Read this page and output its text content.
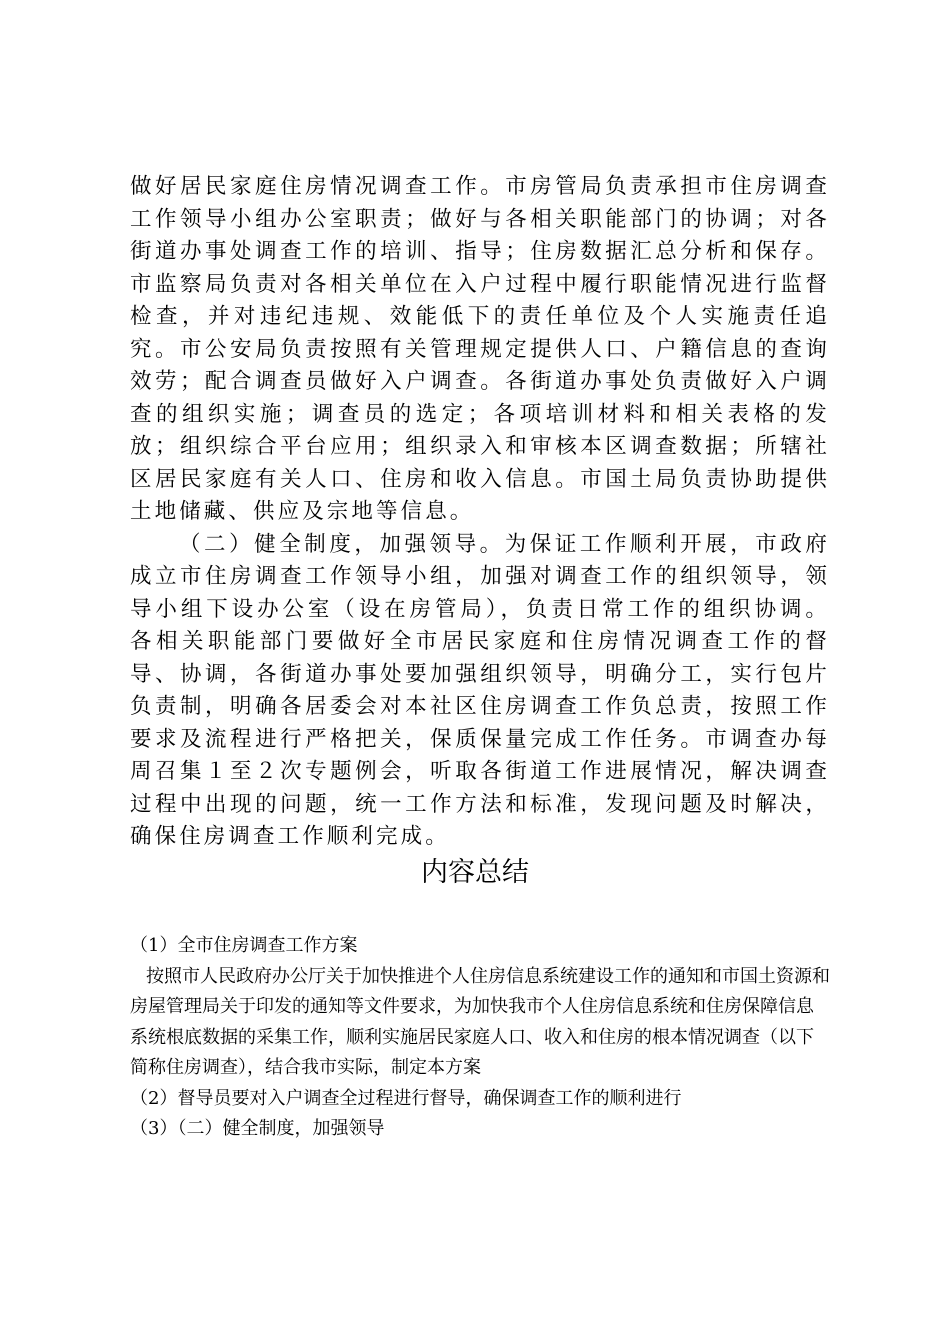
做好居民家庭住房情况调查工作。市房管局负责承担市住房调查工作领导小组办公室职责；做好与各相关职能部门的协调；对各街道办事处调查工作的培训、指导；住房数据汇总分析和保存。市监察局负责对各相关单位在入户过程中履行职能情况进行监督检查，并对违纪违规、效能低下的责任单位及个人实施责任追究。市公安局负责按照有关管理规定提供人口、户籍信息的查询效劳；配合调查员做好入户调查。各街道办事处负责做好入户调查的组织实施；调查员的选定；各项培训材料和相关表格的发放；组织综合平台应用；组织录入和审核本区调查数据；所辖社区居民家庭有关人口、住房和收入信息。市国土局负责协助提供土地储藏、供应及宗地等信息。

（二）健全制度，加强领导。为保证工作顺利开展，市政府成立市住房调查工作领导小组，加强对调查工作的组织领导，领导小组下设办公室（设在房管局），负责日常工作的组织协调。各相关职能部门要做好全市居民家庭和住房情况调查工作的督导、协调，各街道办事处要加强组织领导，明确分工，实行包片负责制，明确各居委会对本社区住房调查工作负总责，按照工作要求及流程进行严格把关，保质保量完成工作任务。市调查办每周召集１至２次专题例会，听取各街道工作进展情况，解决调查过程中出现的问题，统一工作方法和标准，发现问题及时解决，确保住房调查工作顺利完成。

内容总结

（1）全市住房调查工作方案

按照市人民政府办公厅关于加快推进个人住房信息系统建设工作的通知和市国土资源和房屋管理局关于印发的通知等文件要求，为加快我市个人住房信息系统和住房保障信息系统根底数据的采集工作，顺利实施居民家庭人口、收入和住房的根本情况调查（以下简称住房调查），结合我市实际，制定本方案

（2）督导员要对入户调查全过程进行督导，确保调查工作的顺利进行

（3）（二）健全制度，加强领导
